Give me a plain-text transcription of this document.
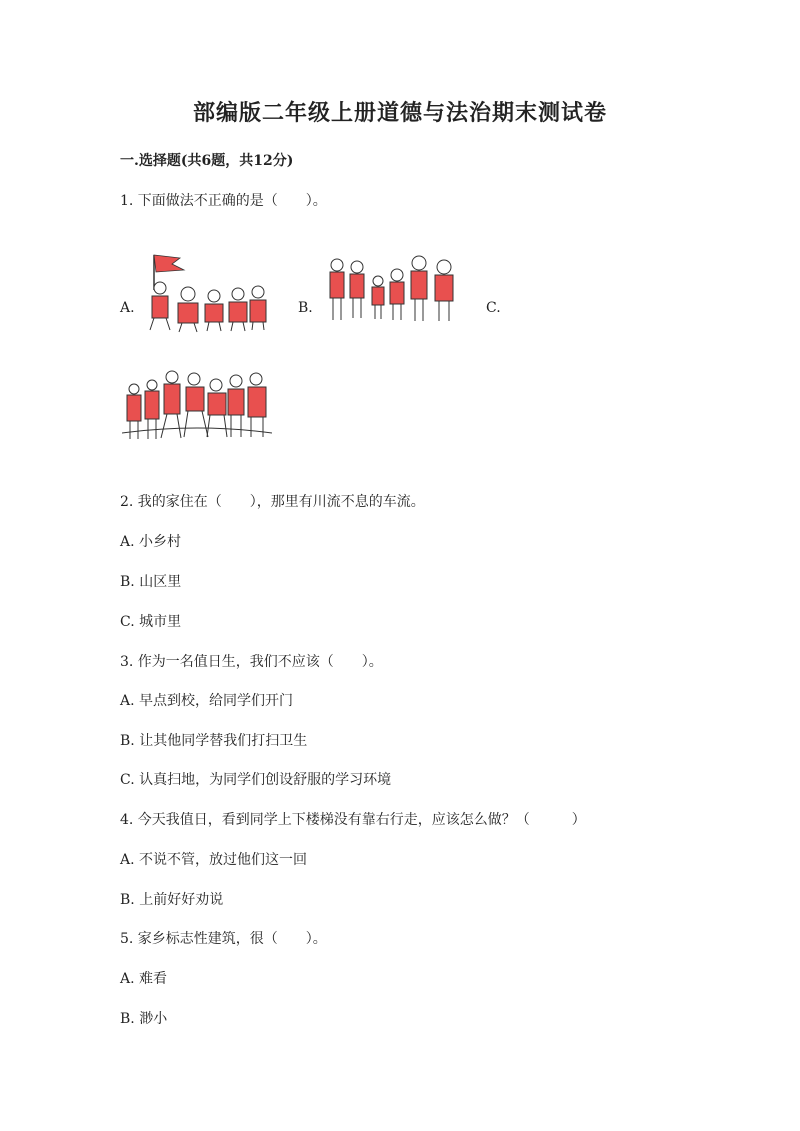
部编版二年级上册道德与法治期末测试卷
一.选择题(共6题，共12分)
1. 下面做法不正确的是（　　）。
A.	B.	C.
2. 我的家住在（　　），那里有川流不息的车流。
A. 小乡村
B. 山区里
C. 城市里
3. 作为一名值日生，我们不应该（　　）。
A. 早点到校，给同学们开门
B. 让其他同学替我们打扫卫生
C. 认真扫地，为同学们创设舒服的学习环境
4. 今天我值日，看到同学上下楼梯没有靠右行走，应该怎么做？（　　　）
A. 不说不管，放过他们这一回
B. 上前好好劝说
5. 家乡标志性建筑，很（　　）。
A. 难看
B. 渺小
